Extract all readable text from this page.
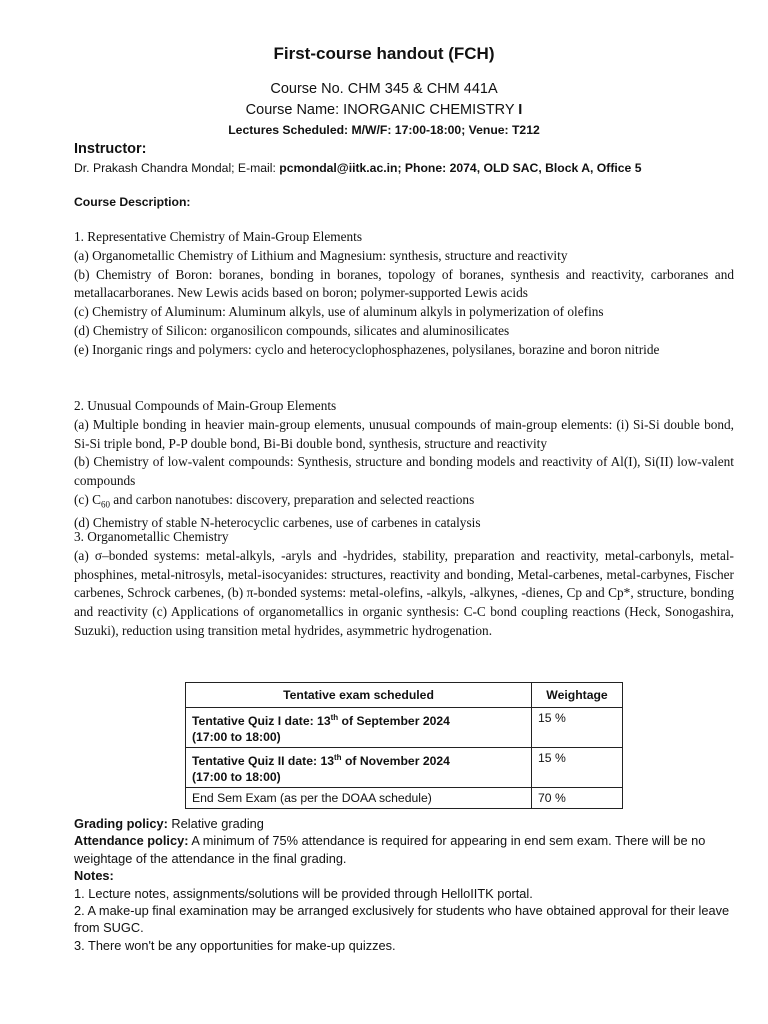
First-course handout (FCH)
Course No. CHM 345 & CHM 441A
Course Name: INORGANIC CHEMISTRY I
Lectures Scheduled: M/W/F: 17:00-18:00; Venue: T212
Instructor:
Dr. Prakash Chandra Mondal; E-mail: pcmondal@iitk.ac.in; Phone: 2074, OLD SAC, Block A, Office 5
Course Description:

1. Representative Chemistry of Main-Group Elements

(a) Organometallic Chemistry of Lithium and Magnesium: synthesis, structure and reactivity

(b) Chemistry of Boron: boranes, bonding in boranes, topology of boranes, synthesis and reactivity, carboranes and metallacarboranes. New Lewis acids based on boron; polymer-supported Lewis acids

(c) Chemistry of Aluminum: Aluminum alkyls, use of aluminum alkyls in polymerization of olefins

(d) Chemistry of Silicon: organosilicon compounds, silicates and aluminosilicates

(e) Inorganic rings and polymers: cyclo and heterocyclophosphazenes, polysilanes, borazine and boron nitride

2. Unusual Compounds of Main-Group Elements

(a) Multiple bonding in heavier main-group elements, unusual compounds of main-group elements: (i) Si-Si double bond, Si-Si triple bond, P-P double bond, Bi-Bi double bond, synthesis, structure and reactivity

(b) Chemistry of low-valent compounds: Synthesis, structure and bonding models and reactivity of Al(I), Si(II) low-valent compounds

(c) $C_{60}$ and carbon nanotubes: discovery, preparation and selected reactions

(d) Chemistry of stable N-heterocyclic carbenes, use of carbenes in catalysis

3. Organometallic Chemistry

(a) σ–bonded systems: metal-alkyls, -aryls and -hydrides, stability, preparation and reactivity, metal-carbonyls, metal-phosphines, metal-nitrosyls, metal-isocyanides: structures, reactivity and bonding, Metal-carbenes, metal-carbynes, Fischer carbenes, Schrock carbenes, (b) π-bonded systems: metal-olefins, -alkyls, -alkynes, -dienes, Cp and Cp*, structure, bonding and reactivity (c) Applications of organometallics in organic synthesis: C-C bond coupling reactions (Heck, Sonogashira, Suzuki), reduction using transition metal hydrides, asymmetric hydrogenation.

Tentative exam scheduled	Weightage
Tentative Quiz I date: 13th of September 2024
(17:00 to 18:00)	15 %
Tentative Quiz II date: 13th of November 2024
(17:00 to 18:00)	15 %
End Sem Exam (as per the DOAA schedule)	70 %

Grading policy: Relative grading

Attendance policy: A minimum of 75% attendance is required for appearing in end sem exam. There will be no weightage of the attendance in the final grading.

Notes:

1. Lecture notes, assignments/solutions will be provided through HelloIITK portal.

2. A make-up final examination may be arranged exclusively for students who have obtained approval for their leave from SUGC.

3. There won't be any opportunities for make-up quizzes.
